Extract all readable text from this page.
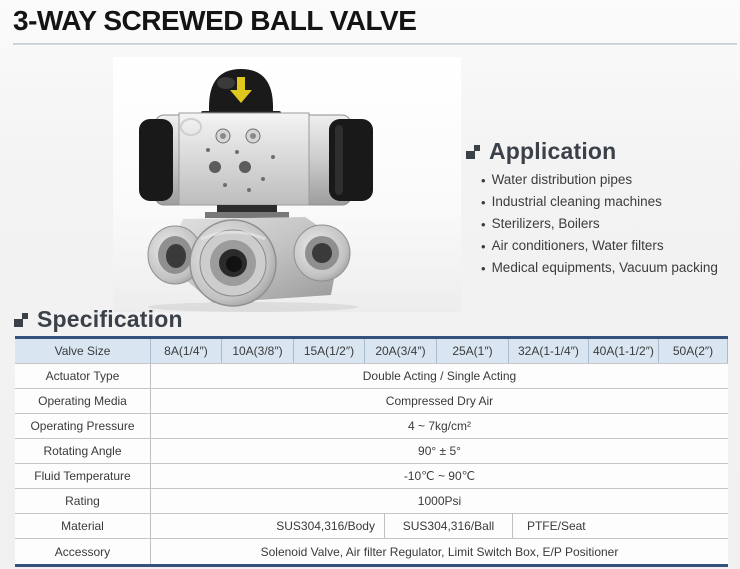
3-WAY SCREWED BALL VALVE
Application
• Water distribution pipes
• Industrial cleaning machines
• Sterilizers, Boilers
• Air conditioners, Water filters
• Medical equipments, Vacuum packing
Specification
Valve Size	8A(1/4″)	10A(3/8″)	15A(1/2″)	20A(3/4″)	25A(1″)	32A(1-1/4″)	40A(1-1/2″)	50A(2″)
Actuator Type	Double Acting / Single Acting
Operating Media	Compressed Dry Air
Operating Pressure	4 ~ 7kg/cm²
Rotating Angle	90° ± 5°
Fluid Temperature	-10℃ ~ 90℃
Rating	1000Psi
Material	SUS304,316/Body	SUS304,316/Ball	PTFE/Seat
Accessory	Solenoid Valve, Air filter Regulator, Limit Switch Box, E/P Positioner
